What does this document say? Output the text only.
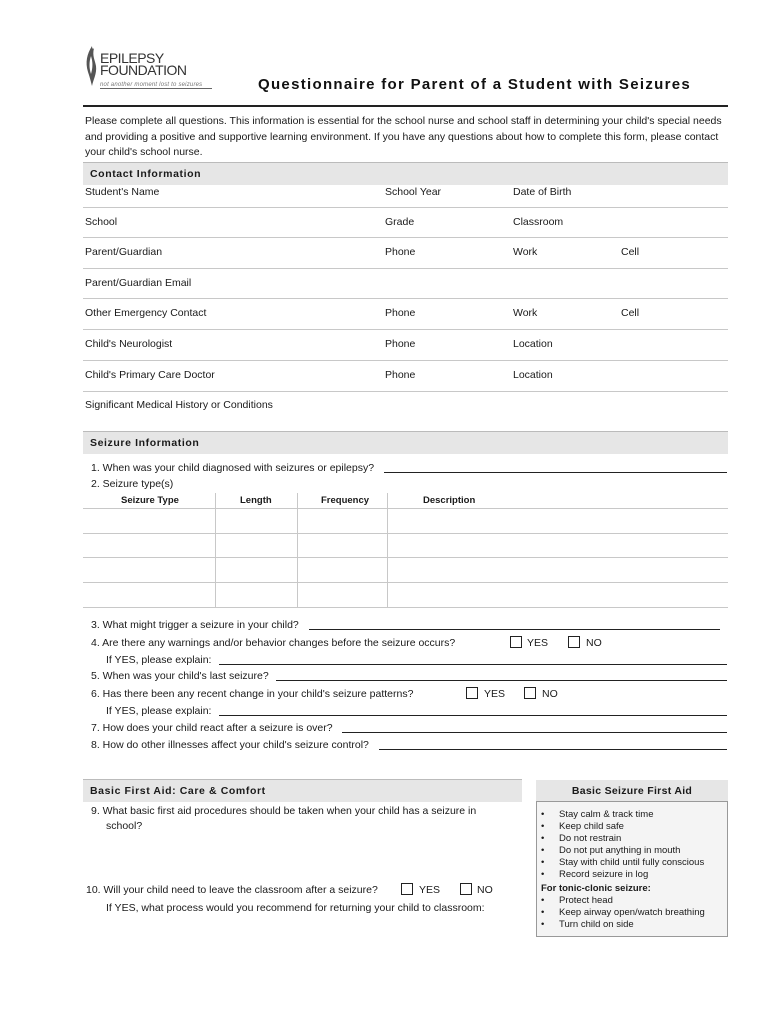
EPILEPSY
FOUNDATION
not another moment lost to seizures	Questionnaire for Parent of a Student with Seizures
Please complete all questions. This information is essential for the school nurse and school staff in determining your child's special needs and providing a positive and supportive learning environment. If you have any questions about how to complete this form, please contact your child's school nurse.
Contact Information
Student's Name	School Year	Date of Birth
School	Grade	Classroom
Parent/Guardian	Phone	Work	Cell
Parent/Guardian Email
Other Emergency Contact	Phone	Work	Cell
Child's Neurologist	Phone	Location
Child's Primary Care Doctor	Phone	Location
Significant Medical History or Conditions
Seizure Information
1. When was your child diagnosed with seizures or epilepsy?
2. Seizure type(s)
Seizure Type	Length	Frequency	Description
3. What might trigger a seizure in your child?
4. Are there any warnings and/or behavior changes before the seizure occurs?	YES	NO
If YES, please explain:
5. When was your child's last seizure?
6. Has there been any recent change in your child's seizure patterns?	YES	NO
If YES, please explain:
7. How does your child react after a seizure is over?
8. How do other illnesses affect your child's seizure control?
Basic First Aid: Care & Comfort
9. What basic first aid procedures should be taken when your child has a seizure in
school?
10. Will your child need to leave the classroom after a seizure?	YES	NO
If YES, what process would you recommend for returning your child to classroom:
Basic Seizure First Aid
• Stay calm & track time
• Keep child safe
• Do not restrain
• Do not put anything in mouth
• Stay with child until fully conscious
• Record seizure in log
For tonic-clonic seizure:
• Protect head
• Keep airway open/watch breathing
• Turn child on side
